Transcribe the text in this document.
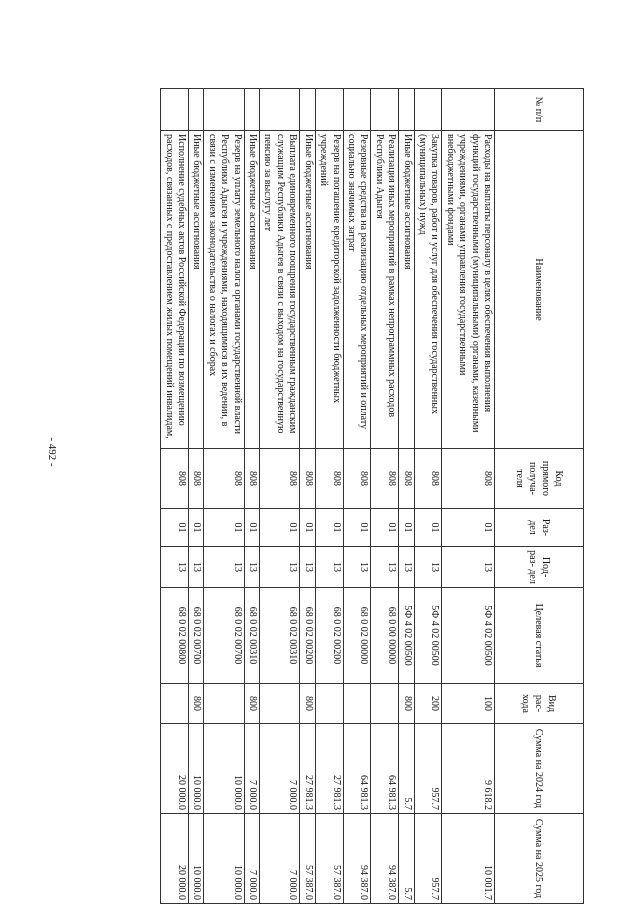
- 492 -
№ п/п	Наименование	Код прямого получа- теля	Раз- дел	Под- раз- дел	Целевая статья	Вид рас- хода	Сумма на 2024 год	Сумма на 2025 год
	Расходы на выплаты персоналу в целях обеспечения выполнения функций государственными (муниципальными) органами, казенными учреждениями, органами управления государственными внебюджетными фондами	808	01	13	5Ф 4 02 00500	100	9 618.2	10 001.7
	Закупка товаров, работ и услуг для обеспечения государственных (муниципальных) нужд	808	01	13	5Ф 4 02 00500	200	957.7	957.7
	Иные бюджетные ассигнования	808	01	13	5Ф 4 02 00500	800	5.7	5.7
	Реализация иных мероприятий в рамках непрограммных расходов Республики Адыгея	808	01	13	68 0 00 00000		64 981.3	94 387.0
	Резервные средства на реализацию отдельных мероприятий и оплату социально значимых затрат	808	01	13	68 0 02 00000		64 981.3	94 387.0
	Резерв на погашение кредиторской задолженности бюджетных учреждений	808	01	13	68 0 02 00200		27 981.3	57 387.0
	Иные бюджетные ассигнования	808	01	13	68 0 02 00200	800	27 981.3	57 387.0
	Выплата единовременного поощрения государственным гражданским служащим Республики Адыгея в связи с выходом на государственную пенсию за выслугу лет	808	01	13	68 0 02 00310		7 000.0	7 000.0
	Иные бюджетные ассигнования	808	01	13	68 0 02 00310	800	7 000.0	7 000.0
	Резерв на уплату земельного налога органами государственной власти Республики Адыгея и учреждениями, находящимися в их ведении, в связи с изменением законодательства о налогах и сборах	808	01	13	68 0 02 00700		10 000.0	10 000.0
	Иные бюджетные ассигнования	808	01	13	68 0 02 00700	800	10 000.0	10 000.0
	Исполнение судебных актов Российской Федерации по возмещению расходов, связанных с предоставлением жилых помещений инвалидам,	808	01	13	68 0 02 00800		20 000.0	20 000.0
